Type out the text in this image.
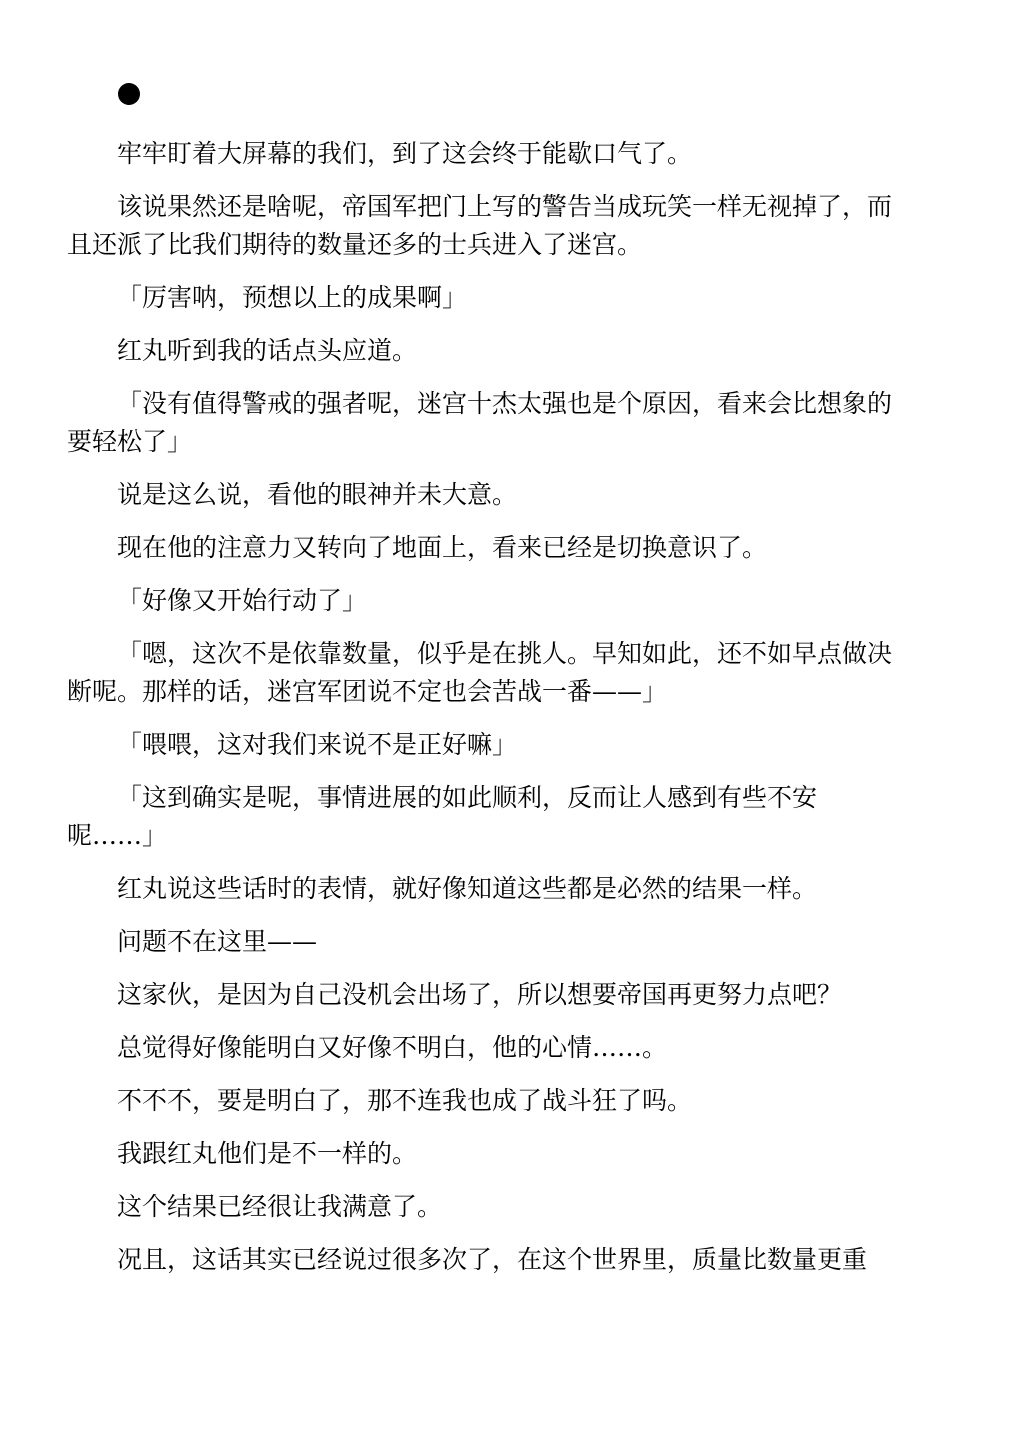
牢牢盯着大屏幕的我们，到了这会终于能歇口气了。

该说果然还是啥呢，帝国军把门上写的警告当成玩笑一样无视掉了，而
且还派了比我们期待的数量还多的士兵进入了迷宫。

「厉害呐，预想以上的成果啊」

红丸听到我的话点头应道。

「没有值得警戒的强者呢，迷宫十杰太强也是个原因，看来会比想象的
要轻松了」

说是这么说，看他的眼神并未大意。

现在他的注意力又转向了地面上，看来已经是切换意识了。

「好像又开始行动了」

「嗯，这次不是依靠数量，似乎是在挑人。早知如此，还不如早点做决
断呢。那样的话，迷宫军团说不定也会苦战一番——」

「喂喂，这对我们来说不是正好嘛」

「这到确实是呢，事情进展的如此顺利，反而让人感到有些不安
呢……」

红丸说这些话时的表情，就好像知道这些都是必然的结果一样。

问题不在这里——

这家伙，是因为自己没机会出场了，所以想要帝国再更努力点吧？

总觉得好像能明白又好像不明白，他的心情……。

不不不，要是明白了，那不连我也成了战斗狂了吗。

我跟红丸他们是不一样的。

这个结果已经很让我满意了。

况且，这话其实已经说过很多次了，在这个世界里，质量比数量更重
